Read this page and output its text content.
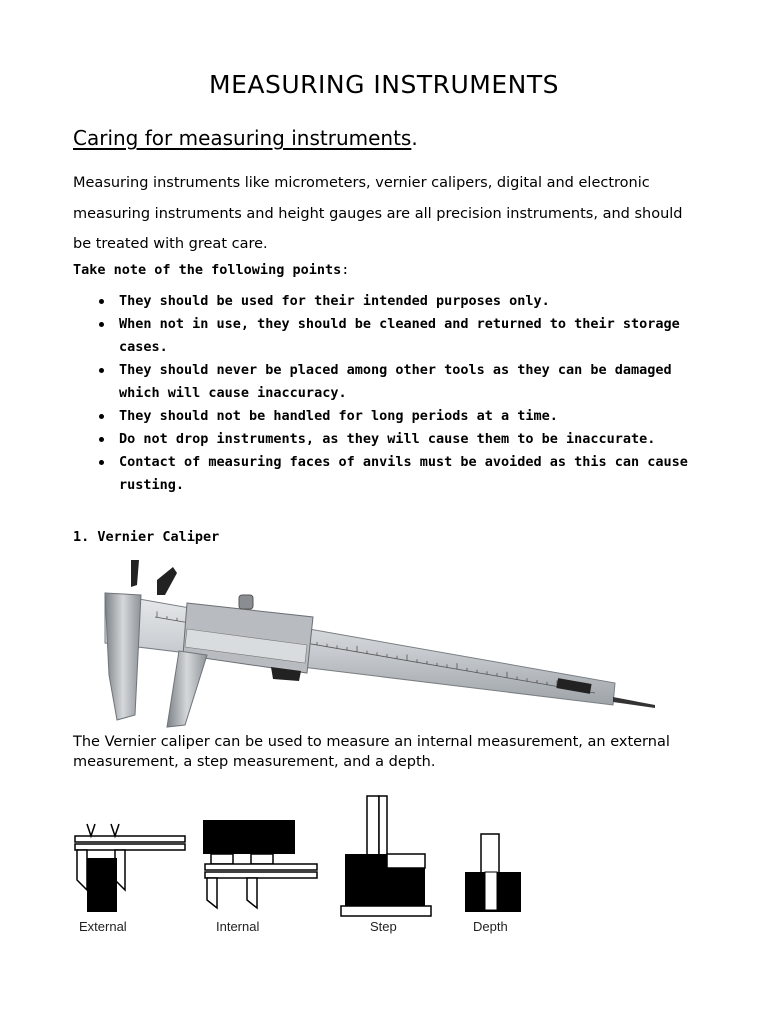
MEASURING INSTRUMENTS
Caring for measuring instruments.
Measuring instruments like micrometers, vernier calipers, digital and electronic measuring instruments and height gauges are all precision instruments, and should be treated with great care.
Take note of the following points:
They should be used for their intended purposes only.
When not in use, they should be cleaned and returned to their storage cases.
They should never be placed among other tools as they can be damaged which will cause inaccuracy.
They should not be handled for long periods at a time.
Do not drop instruments, as they will cause them to be inaccurate.
Contact of measuring faces of anvils must be avoided as this can cause rusting.
1. Vernier Caliper
The Vernier caliper can be used to measure an internal measurement, an external measurement, a step measurement, and a depth.
External	Internal	Step	Depth
